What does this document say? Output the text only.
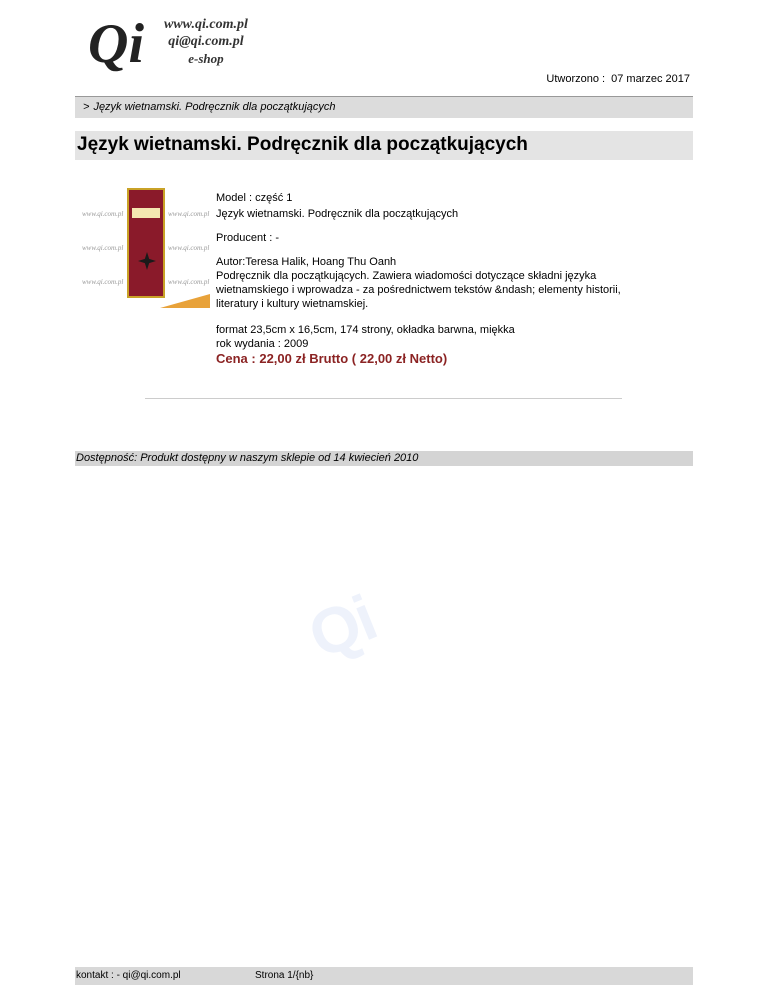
Qi www.qi.com.pl
qi@qi.com.pl
e-shop
Utworzono : 07 marzec 2017
> Język wietnamski. Podręcznik dla początkujących
Język wietnamski. Podręcznik dla początkujących
www.qi.com.pl	www.qi.com.pl
www.qi.com.pl	www.qi.com.pl
www.qi.com.pl	www.qi.com.pl

Model : część 1

Język wietnamski. Podręcznik dla początkujących

Producent : -

Autor:Teresa Halik, Hoang Thu Oanh

Podręcznik dla początkujących. Zawiera wiadomości dotyczące składni języka wietnamskiego i wprowadza - za pośrednictwem tekstów &ndash; elementy historii, literatury i kultury wietnamskiej.

format 23,5cm x 16,5cm, 174 strony, okładka barwna, miękka

rok wydania : 2009

Cena : 22,00 zł Brutto ( 22,00 zł Netto)

Dostępność: Produkt dostępny w naszym sklepie od 14 kwiecień 2010
Qi
kontakt : - qi@qi.com.pl	Strona 1/{nb}
